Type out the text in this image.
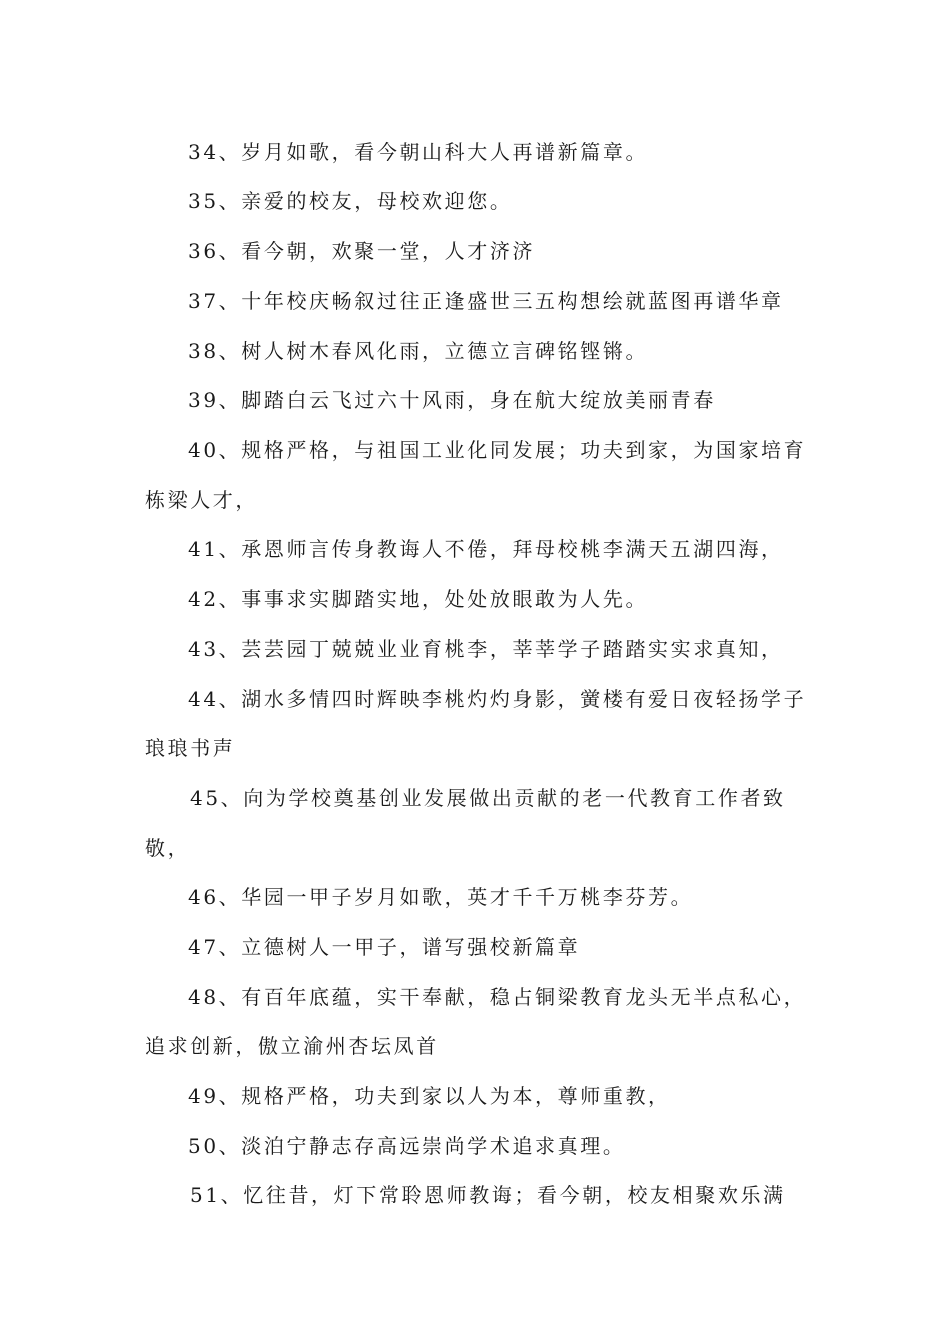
34、岁月如歌，看今朝山科大人再谱新篇章。
35、亲爱的校友，母校欢迎您。
36、看今朝，欢聚一堂，人才济济
37、十年校庆畅叙过往正逢盛世三五构想绘就蓝图再谱华章
38、树人树木春风化雨，立德立言碑铭铿锵。
39、脚踏白云飞过六十风雨，身在航大绽放美丽青春
40、规格严格，与祖国工业化同发展；功夫到家，为国家培育
栋梁人才，
41、承恩师言传身教诲人不倦，拜母校桃李满天五湖四海，
42、事事求实脚踏实地，处处放眼敢为人先。
43、芸芸园丁兢兢业业育桃李，莘莘学子踏踏实实求真知，
44、湖水多情四时辉映李桃灼灼身影，黉楼有爱日夜轻扬学子
琅琅书声
45、向为学校奠基创业发展做出贡献的老一代教育工作者致
敬，
46、华园一甲子岁月如歌，英才千千万桃李芬芳。
47、立德树人一甲子，谱写强校新篇章
48、有百年底蕴，实干奉献，稳占铜梁教育龙头无半点私心，
追求创新，傲立渝州杏坛凤首
49、规格严格，功夫到家以人为本，尊师重教，
50、淡泊宁静志存高远崇尚学术追求真理。
51、忆往昔，灯下常聆恩师教诲；看今朝，校友相聚欢乐满
